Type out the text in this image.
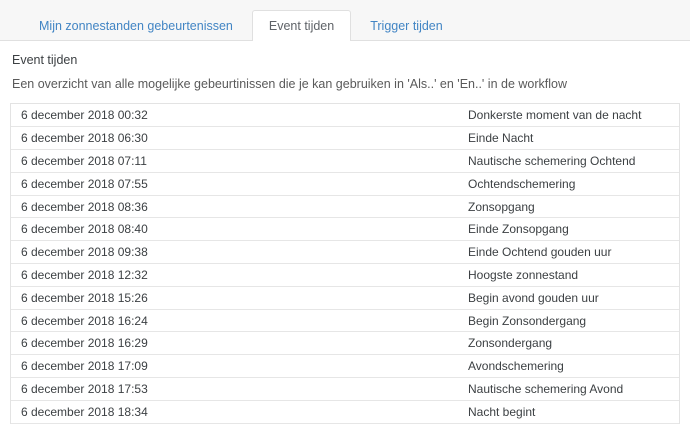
Mijn zonnestanden gebeurtenissen	Event tijden	Trigger tijden
Event tijden
Een overzicht van alle mogelijke gebeurtinissen die je kan gebruiken in 'Als..' en 'En..' in de workflow
6 december 2018 00:32	Donkerste moment van de nacht
6 december 2018 06:30	Einde Nacht
6 december 2018 07:11	Nautische schemering Ochtend
6 december 2018 07:55	Ochtendschemering
6 december 2018 08:36	Zonsopgang
6 december 2018 08:40	Einde Zonsopgang
6 december 2018 09:38	Einde Ochtend gouden uur
6 december 2018 12:32	Hoogste zonnestand
6 december 2018 15:26	Begin avond gouden uur
6 december 2018 16:24	Begin Zonsondergang
6 december 2018 16:29	Zonsondergang
6 december 2018 17:09	Avondschemering
6 december 2018 17:53	Nautische schemering Avond
6 december 2018 18:34	Nacht begint
